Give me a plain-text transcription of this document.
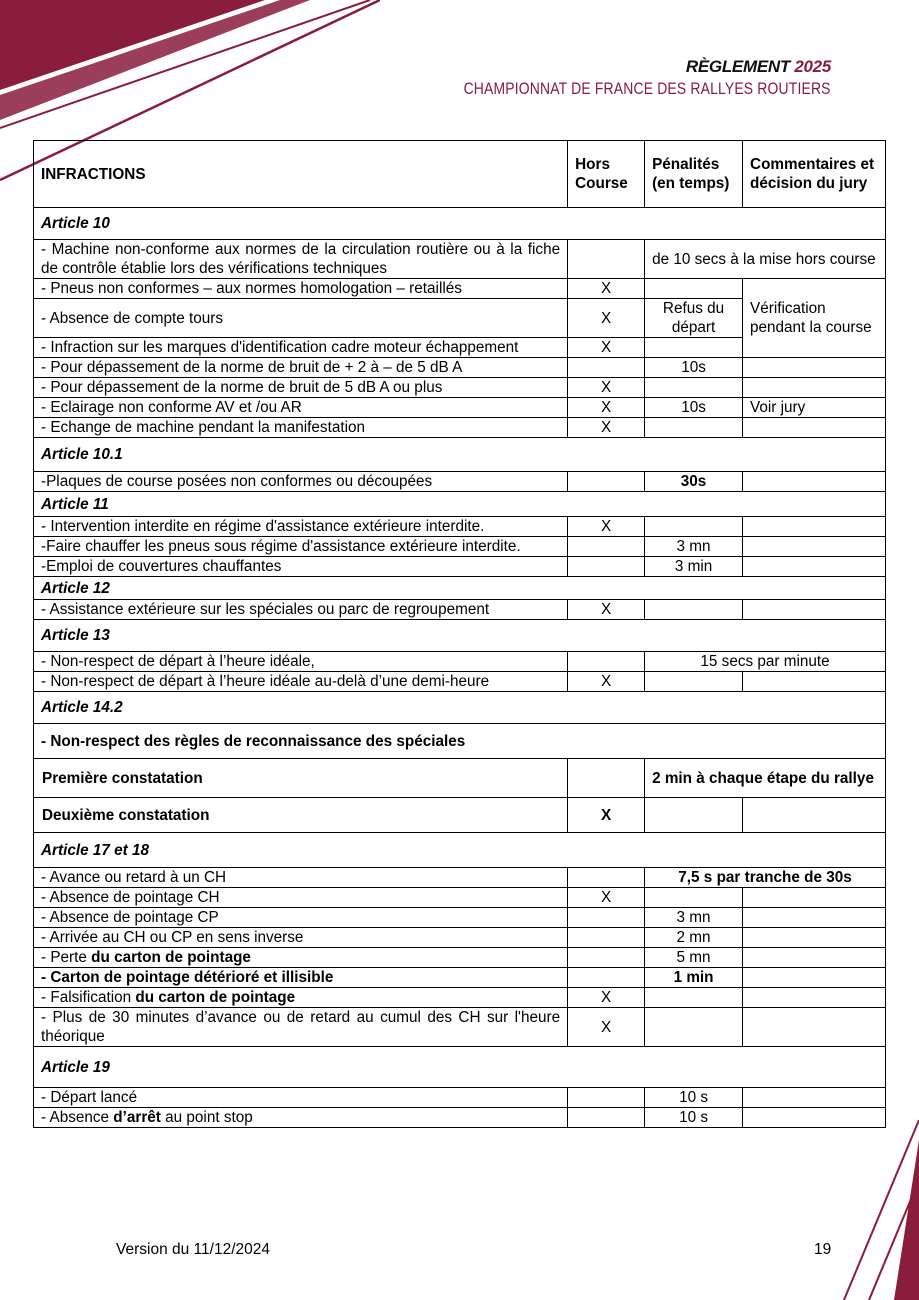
RÈGLEMENT 2025
CHAMPIONNAT DE FRANCE DES RALLYES ROUTIERS
INFRACTIONS	Hors Course	Pénalités (en temps)	Commentaires et décision du jury
Article 10			
- Machine non-conforme aux normes de la circulation routière ou à la fiche de contrôle établie lors des vérifications techniques		de 10 secs à la mise hors course	
- Pneus non conformes – aux normes homologation – retaillés	X		Vérification pendant la course
- Absence de compte tours	X	Refus du départ	
- Infraction sur les marques d'identification cadre moteur échappement	X		
- Pour dépassement de la norme de bruit de + 2 à – de 5 dB A		10s	
- Pour dépassement de la norme de bruit de 5 dB A ou plus	X		
- Eclairage non conforme AV et /ou AR	X	10s	Voir jury
- Echange de machine pendant la manifestation	X		
Article 10.1			
-Plaques de course posées non conformes ou découpées		30s	
Article 11			
- Intervention interdite en régime d'assistance extérieure interdite.	X		
-Faire chauffer les pneus sous régime d'assistance extérieure interdite.		3 mn	
-Emploi de couvertures chauffantes		3 min	
Article 12			
- Assistance extérieure sur les spéciales ou parc de regroupement	X		
Article 13			
- Non-respect de départ à l’heure idéale,		15 secs par minute	
- Non-respect de départ à l’heure idéale au-delà d’une demi-heure	X		
Article 14.2			
- Non-respect des règles de reconnaissance des spéciales			
Première constatation		2 min à chaque étape du rallye	
Deuxième constatation	X		
Article 17 et 18			
- Avance ou retard à un CH		7,5 s par tranche de 30s	
- Absence de pointage CH	X		
- Absence de pointage CP		3 mn	
- Arrivée au CH ou CP en sens inverse		2 mn	
- Perte du carton de pointage		5 mn	
- Carton de pointage détérioré et illisible		1 min	
- Falsification du carton de pointage	X		
- Plus de 30 minutes d’avance ou de retard au cumul des CH sur l'heure théorique	X		
Article 19			
- Départ lancé		10 s	
- Absence d’arrêt au point stop		10 s	
Version du 11/12/2024	19
